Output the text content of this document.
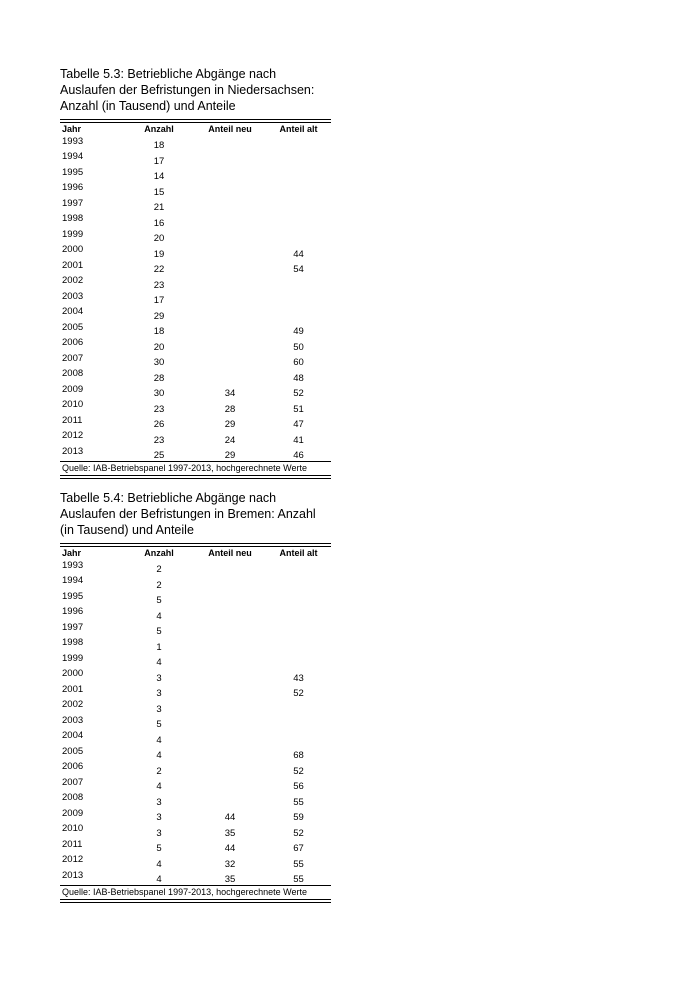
Tabelle 5.3: Betriebliche Abgänge nach Auslaufen der Befristungen in Niedersachsen: Anzahl (in Tausend) und Anteile
Jahr	Anzahl	Anteil neu	Anteil alt
1993	18		
1994	17		
1995	14		
1996	15		
1997	21		
1998	16		
1999	20		
2000	19		44
2001	22		54
2002	23		
2003	17		
2004	29		
2005	18		49
2006	20		50
2007	30		60
2008	28		48
2009	30	34	52
2010	23	28	51
2011	26	29	47
2012	23	24	41
2013	25	29	46
Quelle: IAB-Betriebspanel 1997-2013, hochgerechnete Werte
Tabelle 5.4: Betriebliche Abgänge nach Auslaufen der Befristungen in Bremen: Anzahl (in Tausend) und Anteile
Jahr	Anzahl	Anteil neu	Anteil alt
1993	2		
1994	2		
1995	5		
1996	4		
1997	5		
1998	1		
1999	4		
2000	3		43
2001	3		52
2002	3		
2003	5		
2004	4		
2005	4		68
2006	2		52
2007	4		56
2008	3		55
2009	3	44	59
2010	3	35	52
2011	5	44	67
2012	4	32	55
2013	4	35	55
Quelle: IAB-Betriebspanel 1997-2013, hochgerechnete Werte
